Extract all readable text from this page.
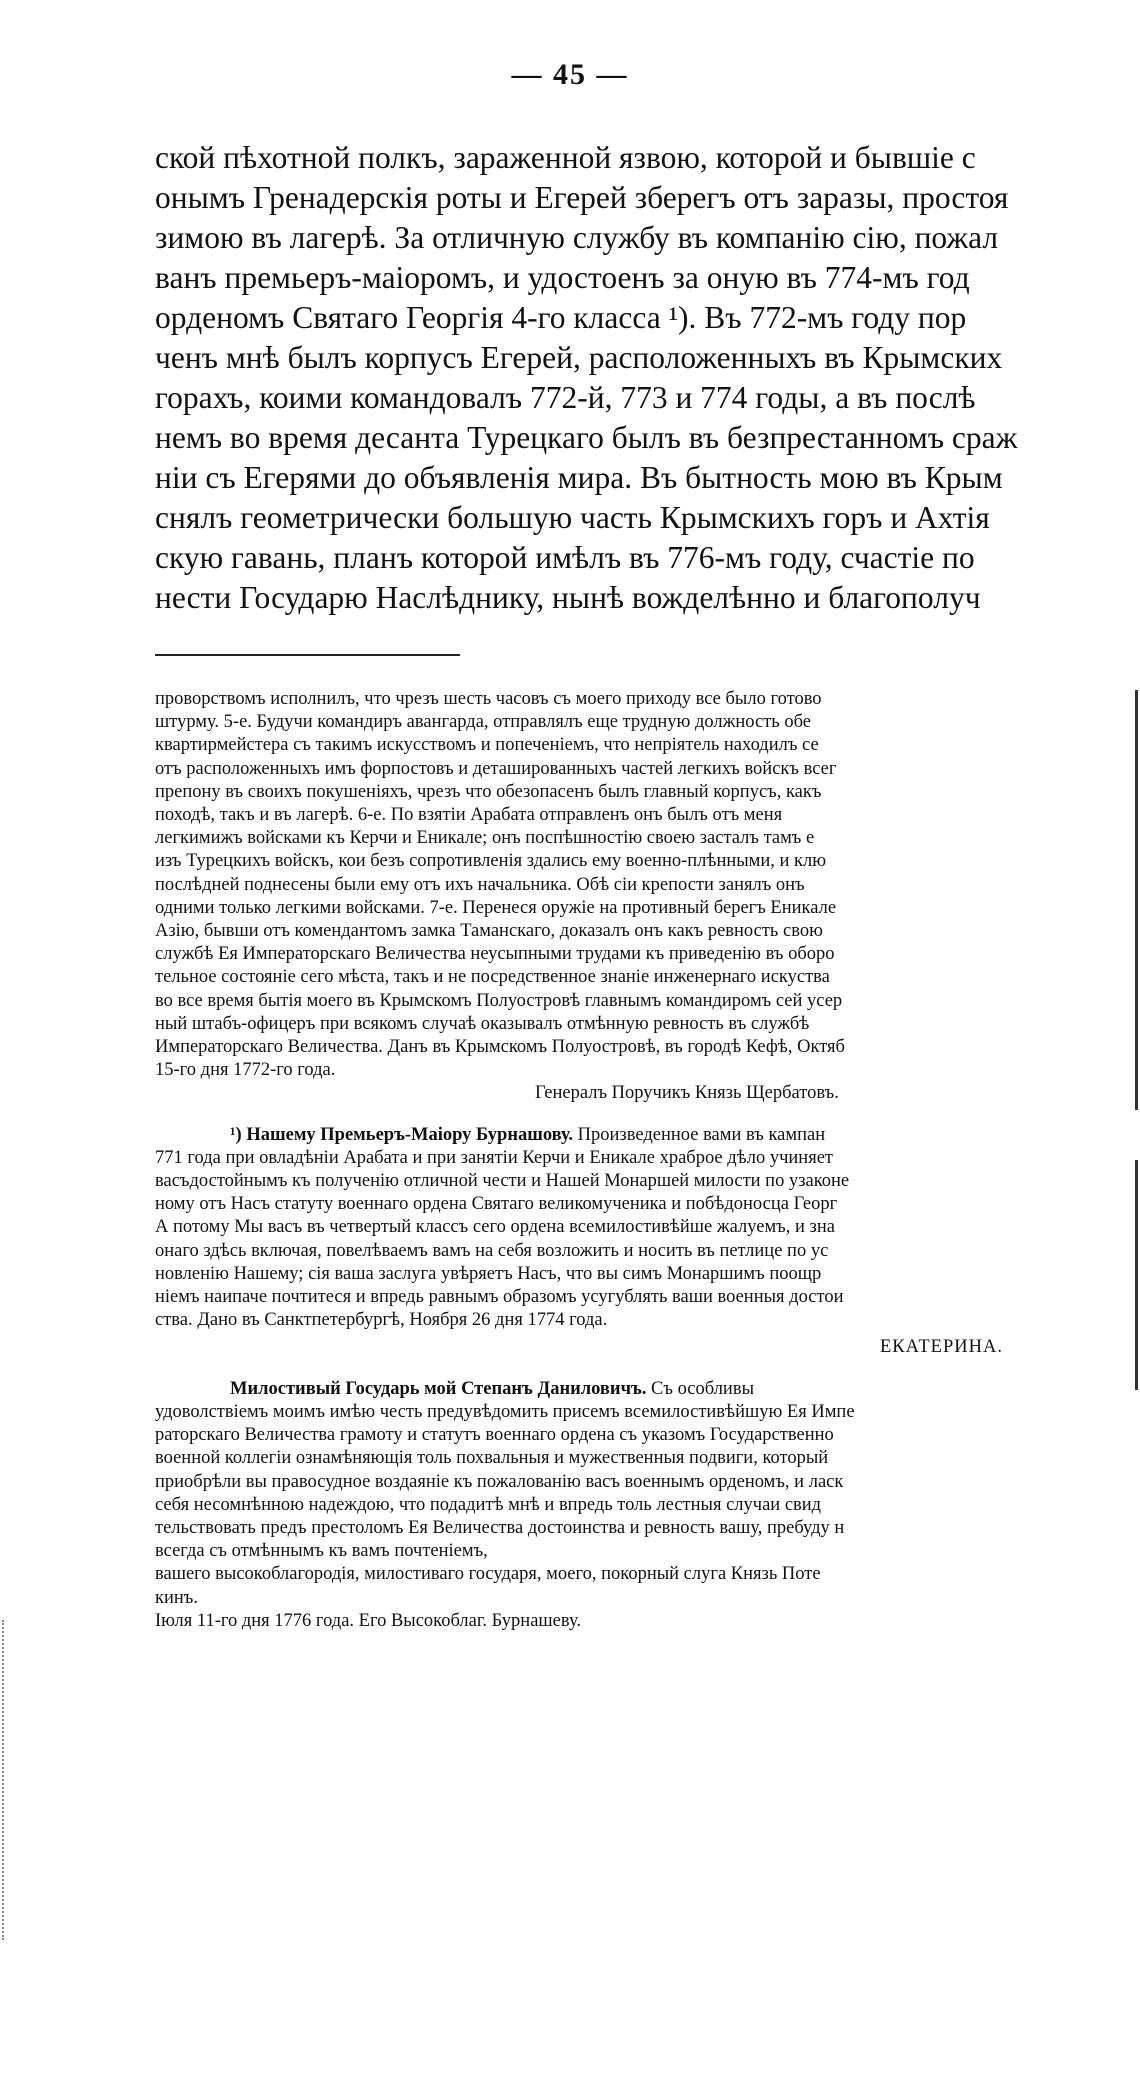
— 45 —
ской пѣхотной полкъ, зараженной язвою, которой и бывшіе с
онымъ Гренадерскія роты и Егерей зберегъ отъ заразы, простоя
зимою въ лагерѣ. За отличную службу въ компанію сію, пожал
ванъ премьеръ-маіоромъ, и удостоенъ за оную въ 774-мъ год
орденомъ Святаго Георгія 4-го класса ¹). Въ 772-мъ году пор
ченъ мнѣ былъ корпусъ Егерей, расположенныхъ въ Крымских
горахъ, коими командовалъ 772-й, 773 и 774 годы, а въ послѣ
немъ во время десанта Турецкаго былъ въ безпрестанномъ сраж
ніи съ Егерями до объявленія мира. Въ бытность мою въ Крым
снялъ геометрически большую часть Крымскихъ горъ и Ахтія
скую гавань, планъ которой имѣлъ въ 776-мъ году, счастіе по
нести Государю Наслѣднику, нынѣ вожделѣнно и благополуч
проворствомъ исполнилъ, что чрезъ шесть часовъ съ моего приходу все было готово
штурму. 5-е. Будучи командиръ авангарда, отправлялъ еще трудную должность обе
квартирмейстера съ такимъ искусствомъ и попеченіемъ, что непріятель находилъ се
отъ расположенныхъ имъ форпостовъ и деташированныхъ частей легкихъ войскъ всег
препону въ своихъ покушеніяхъ, чрезъ что обезопасенъ былъ главный корпусъ, какъ
походѣ, такъ и въ лагерѣ. 6-е. По взятіи Арабата отправленъ онъ былъ отъ меня
легкимижъ войсками къ Керчи и Еникале; онъ поспѣшностію своею засталъ тамъ е
изъ Турецкихъ войскъ, кои безъ сопротивленія здались ему военно-плѣнными, и клю
послѣдней поднесены были ему отъ ихъ начальника. Обѣ сіи крепости занялъ онъ
одними только легкими войсками. 7-е. Перенеся оружіе на противный берегъ Еникале
Азію, бывши отъ комендантомъ замка Таманскаго, доказалъ онъ какъ ревность свою
службѣ Ея Императорскаго Величества неусыпными трудами къ приведенію въ оборо
тельное состояніе сего мѣста, такъ и не посредственное знаніе инженернаго искуства
во все время бытія моего въ Крымскомъ Полуостровѣ главнымъ командиромъ сей усер
ный штабъ-офицеръ при всякомъ случаѣ оказывалъ отмѣнную ревность въ службѣ
Императорскаго Величества. Данъ въ Крымскомъ Полуостровѣ, въ городѣ Кефѣ, Октяб
15-го дня 1772-го года.
Генералъ Поручикъ Князь Щербатовъ.
¹) Нашему Премьеръ-Маіору Бурнашову. Произведенное вами въ кампан
771 года при овладѣніи Арабата и при занятіи Керчи и Еникале храброе дѣло учиняет
васъдостойнымъ къ полученію отличной чести и Нашей Монаршей милости по узаконе
ному отъ Насъ статуту военнаго ордена Святаго великомученика и побѣдоносца Георг
А потому Мы васъ въ четвертый классъ сего ордена всемилостивѣйше жалуемъ, и зна
онаго здѣсь включая, повелѣваемъ вамъ на себя возложить и носить въ петлице по ус
новленію Нашему; сія ваша заслуга увѣряетъ Насъ, что вы симъ Монаршимъ поощр
ніемъ наипаче почтитеся и впредь равнымъ образомъ усугублять ваши военныя достои
ства. Дано въ Санктпетербургѣ, Ноября 26 дня 1774 года.
ЕКАТЕРИНА.
Милостивый Государь мой Степанъ Даниловичъ. Съ особливы
удоволствіемъ моимъ имѣю честь предувѣдомить присемъ всемилостивѣйшую Ея Импе
раторскаго Величества грамоту и статутъ военнаго ордена съ указомъ Государственно
военной коллегіи ознамѣняющія толь похвальныя и мужественныя подвиги, который
приобрѣли вы правосудное воздаяніе къ пожалованію васъ военнымъ орденомъ, и ласк
себя несомнѣнною надеждою, что подадитѣ мнѣ и впредь толь лестныя случаи свид
тельствовать предъ престоломъ Ея Величества достоинства и ревность вашу, пребуду н
всегда съ отмѣннымъ къ вамъ почтеніемъ,
вашего высокоблагородія, милостиваго государя, моего, покорный слуга Князь Поте
кинъ.
Іюля 11-го дня 1776 года. Его Высокоблаг. Бурнашеву.
